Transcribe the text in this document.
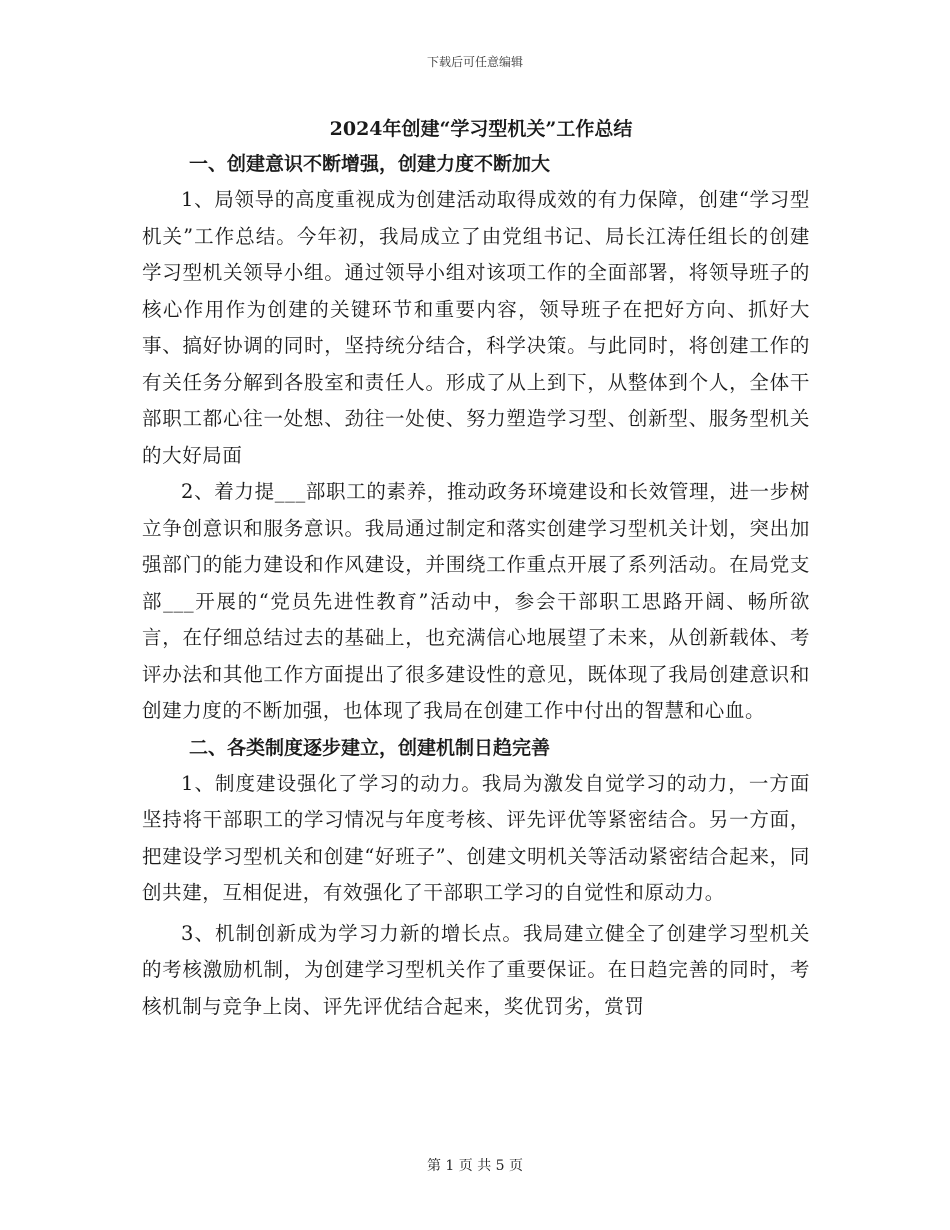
下载后可任意编辑
2024年创建“学习型机关”工作总结
一、创建意识不断增强，创建力度不断加大

1、局领导的高度重视成为创建活动取得成效的有力保障，创建“学习型机关”工作总结。今年初，我局成立了由党组书记、局长江涛任组长的创建学习型机关领导小组。通过领导小组对该项工作的全面部署，将领导班子的核心作用作为创建的关键环节和重要内容，领导班子在把好方向、抓好大事、搞好协调的同时，坚持统分结合，科学决策。与此同时，将创建工作的有关任务分解到各股室和责任人。形成了从上到下，从整体到个人，全体干部职工都心往一处想、劲往一处使、努力塑造学习型、创新型、服务型机关的大好局面

2、着力提___部职工的素养，推动政务环境建设和长效管理，进一步树立争创意识和服务意识。我局通过制定和落实创建学习型机关计划，突出加强部门的能力建设和作风建设，并围绕工作重点开展了系列活动。在局党支部___开展的“党员先进性教育”活动中，参会干部职工思路开阔、畅所欲言，在仔细总结过去的基础上，也充满信心地展望了未来，从创新载体、考评办法和其他工作方面提出了很多建设性的意见，既体现了我局创建意识和创建力度的不断加强，也体现了我局在创建工作中付出的智慧和心血。

二、各类制度逐步建立，创建机制日趋完善

1、制度建设强化了学习的动力。我局为激发自觉学习的动力，一方面坚持将干部职工的学习情况与年度考核、评先评优等紧密结合。另一方面，把建设学习型机关和创建“好班子”、创建文明机关等活动紧密结合起来，同创共建，互相促进，有效强化了干部职工学习的自觉性和原动力。

3、机制创新成为学习力新的增长点。我局建立健全了创建学习型机关的考核激励机制，为创建学习型机关作了重要保证。在日趋完善的同时，考核机制与竞争上岗、评先评优结合起来，奖优罚劣，赏罚

第 1 页 共 5 页
